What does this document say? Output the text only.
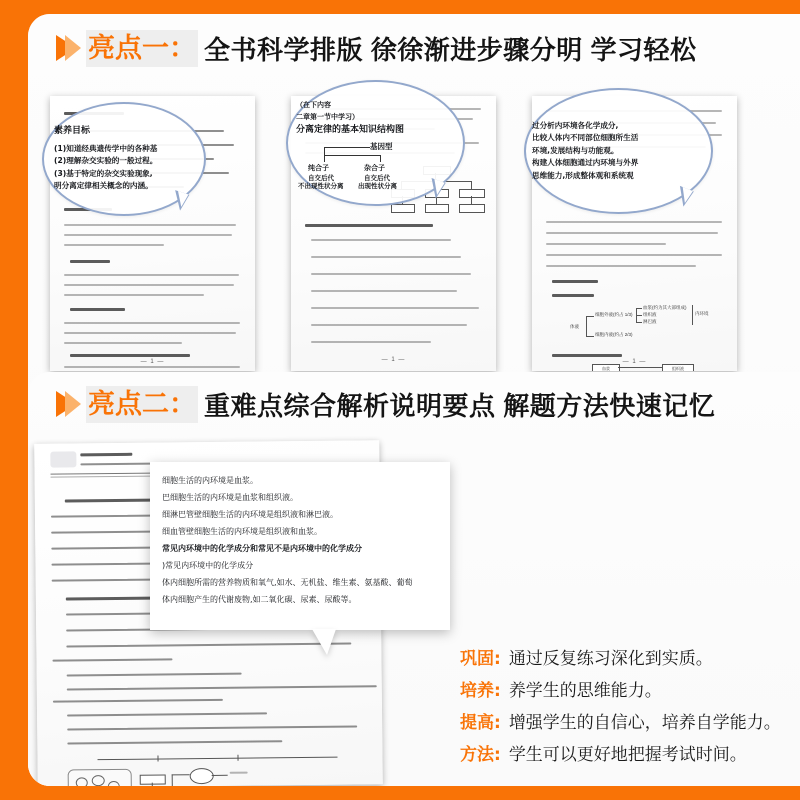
亮点一： 全书科学排版 徐徐渐进步骤分明 学习轻松
— 1 —
素养目标
(1)知道经典遗传学中的各种基
(2)理解杂交实验的一般过程。
(3)基于特定的杂交实验现象,
明分离定律相关概念的内涵。
— 1 —
（在下内容
二章第一节中学习）
分离定律的基本知识结构图
基因型
纯合子	杂合子
自交后代	自交后代
不出现性状分离 出现性状分离
体液
细胞外液(约占 1/3)
细胞内液(约占 2/3)
血浆(约为其大部组成)
组织液
淋巴液
内环境
血浆	组织液
— 1 —
过分析内环境各化学成分,
比较人体内不同部位细胞所生活
环境,发展结构与功能观。
构建人体细胞通过内环境与外界
思维能力,形成整体观和系统观
亮点二： 重难点综合解析说明要点 解题方法快速记忆
细胞生活的内环境是血浆。
巴细胞生活的内环境是血浆和组织液。
细淋巴管壁细胞生活的内环境是组织液和淋巴液。
细血管壁细胞生活的内环境是组织液和血浆。
常见内环境中的化学成分和常见不是内环境中的化学成分
)常见内环境中的化学成分
体内细胞所需的营养物质和氧气,如水、无机盐、维生素、氨基酸、葡萄
体内细胞产生的代谢废物,如二氧化碳、尿素、尿酸等。
巩固: 通过反复练习深化到实质。
培养: 养学生的思维能力。
提高: 增强学生的自信心，培养自学能力。
方法: 学生可以更好地把握考试时间。
